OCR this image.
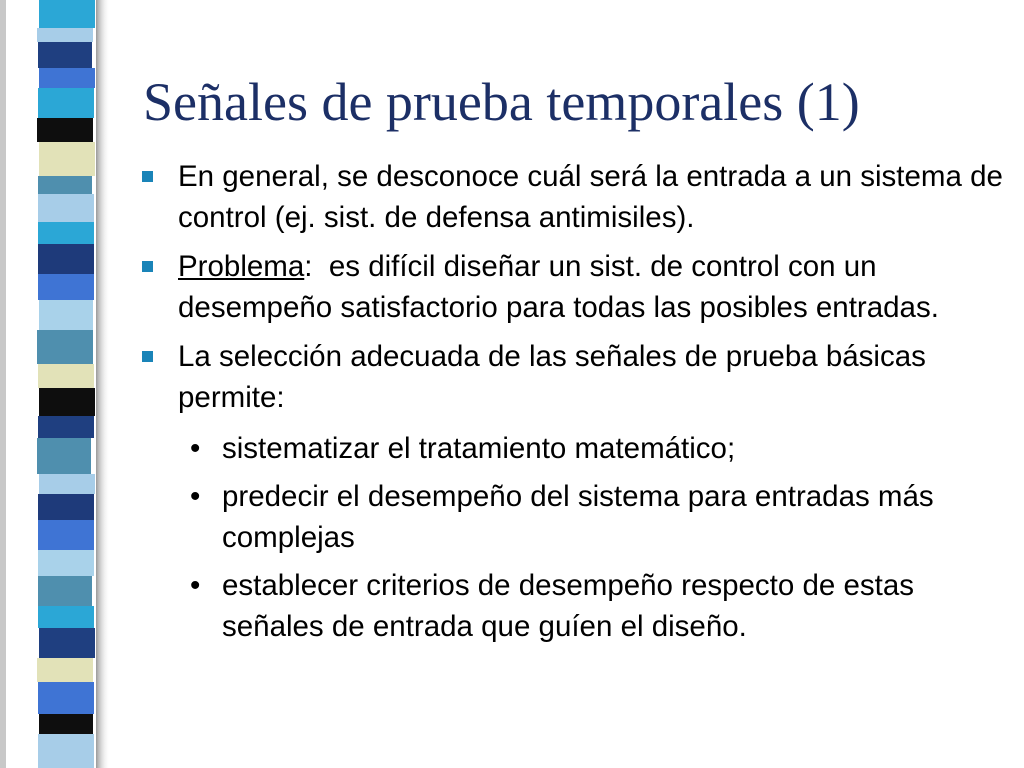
Señales de prueba temporales (1)
En general, se desconoce cuál será la entrada a un sistema de control (ej. sist. de defensa antimisiles).
Problema:  es difícil diseñar un sist. de control con un desempeño satisfactorio para todas las posibles entradas.
La selección adecuada de las señales de prueba básicas permite:
• sistematizar el tratamiento matemático;
• predecir el desempeño del sistema para entradas más complejas
• establecer criterios de desempeño respecto de estas señales de entrada que guíen el diseño.
